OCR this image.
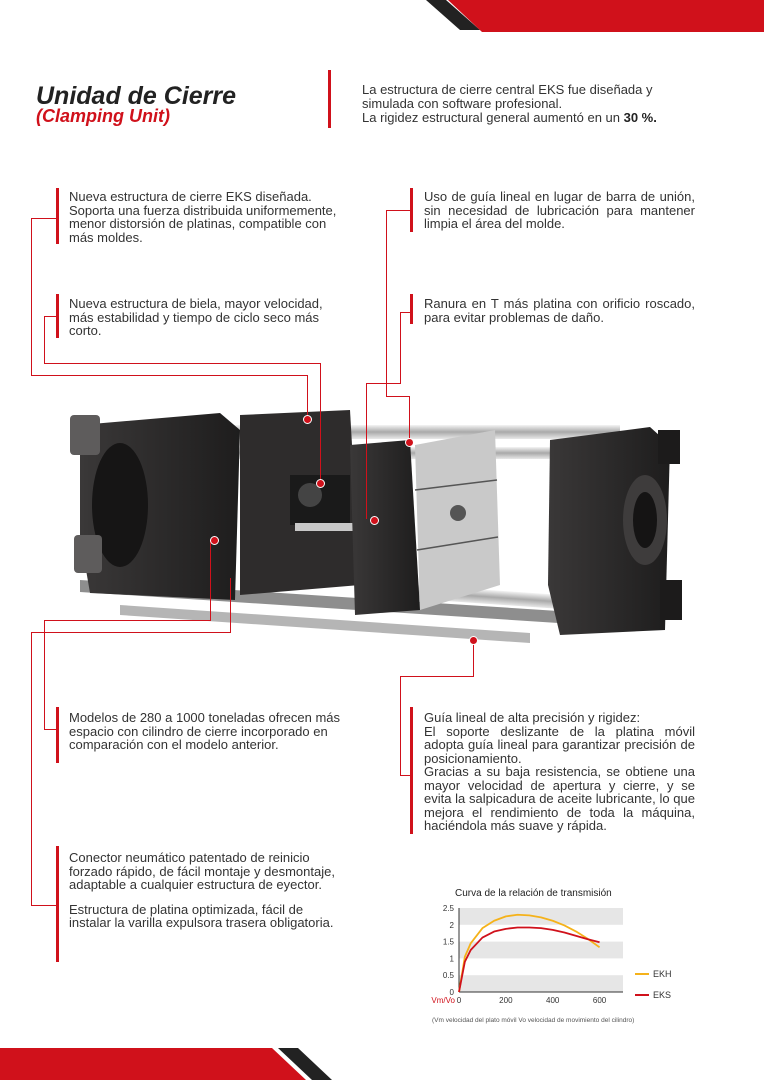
Unidad de Cierre
(Clamping Unit)
La estructura de cierre central EKS fue diseñada y
simulada con software profesional.
La rigidez estructural general aumentó en un 30 %.
Nueva estructura de cierre EKS diseñada. Soporta una fuerza distribuida uniformemente, menor distorsión de platinas, compatible con más moldes.
Nueva estructura de biela, mayor velocidad, más estabilidad y tiempo de ciclo seco más corto.
Uso de guía lineal en lugar de barra de unión, sin necesidad de lubricación para mantener limpia el área del molde.
Ranura en T más platina con orificio roscado, para evitar problemas de daño.
Modelos de 280 a 1000 toneladas ofrecen más espacio con cilindro de cierre incorporado en comparación con el modelo anterior.
Guía lineal de alta precisión y rigidez:
El soporte deslizante de la platina móvil adopta guía lineal para garantizar precisión de posicionamiento.
Gracias a su baja resistencia, se obtiene una mayor velocidad de apertura y cierre, y se evita la salpicadura de aceite lubricante, lo que mejora el rendimiento de toda la máquina, haciéndola más suave y rápida.
Conector neumático patentado de reinicio forzado rápido, de fácil montaje y desmontaje, adaptable a cualquier estructura de eyector.
Estructura de platina optimizada, fácil de instalar la varilla expulsora trasera obligatoria.
Curva de la relación de transmisión
0
0.5
1
1.5
2
2.5
0	200	400	600
Vm/Vo
EKH
EKS
(Vm velocidad del plato móvil Vo velocidad de movimiento del cilindro)
